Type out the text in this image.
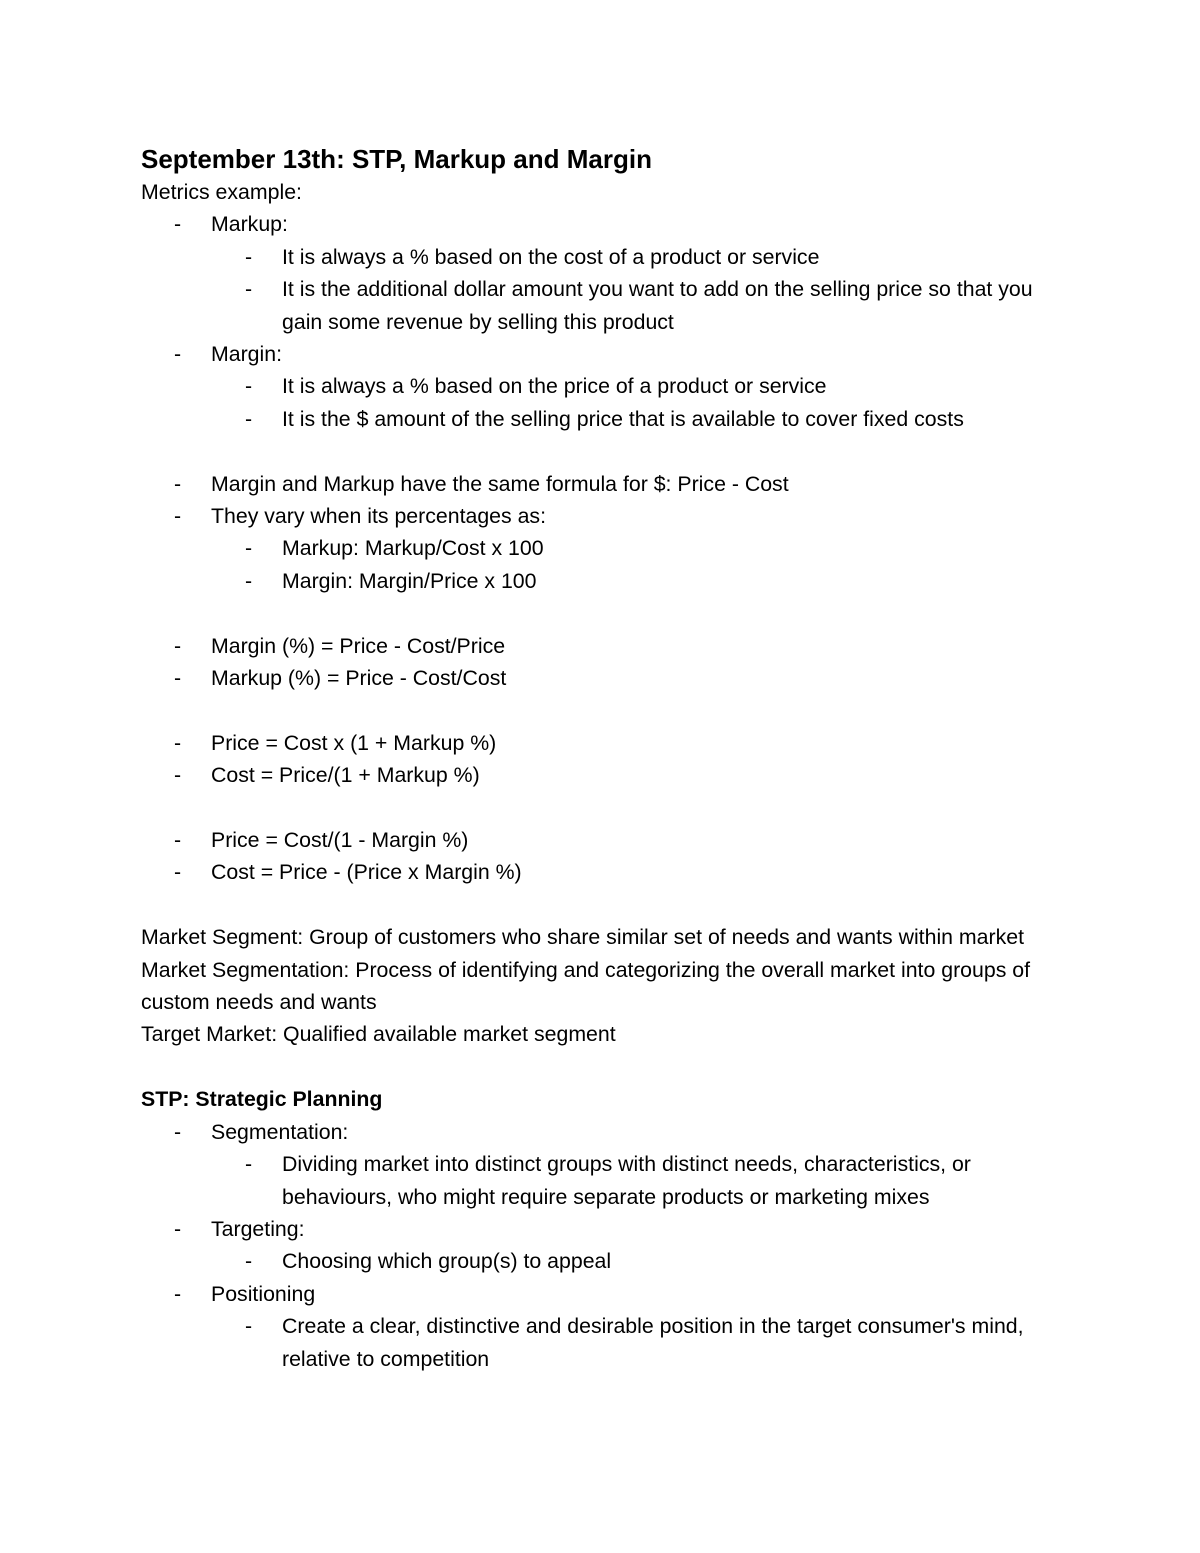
September 13th: STP, Markup and Margin

Metrics example:

- Markup:
- It is always a % based on the cost of a product or service
- It is the additional dollar amount you want to add on the selling price so that you gain some revenue by selling this product
- Margin:
- It is always a % based on the price of a product or service
- It is the $ amount of the selling price that is available to cover fixed costs
- Margin and Markup have the same formula for $: Price - Cost
- They vary when its percentages as:
- Markup: Markup/Cost x 100
- Margin: Margin/Price x 100
- Margin (%) = Price - Cost/Price
- Markup (%) = Price - Cost/Cost
- Price = Cost x (1 + Markup %)
- Cost = Price/(1 + Markup %)
- Price = Cost/(1 - Margin %)
- Cost = Price - (Price x Margin %)

Market Segment: Group of customers who share similar set of needs and wants within market

Market Segmentation: Process of identifying and categorizing the overall market into groups of custom needs and wants

Target Market: Qualified available market segment

STP: Strategic Planning

- Segmentation:
- Dividing market into distinct groups with distinct needs, characteristics, or behaviours, who might require separate products or marketing mixes
- Targeting:
- Choosing which group(s) to appeal
- Positioning
- Create a clear, distinctive and desirable position in the target consumer's mind, relative to competition
